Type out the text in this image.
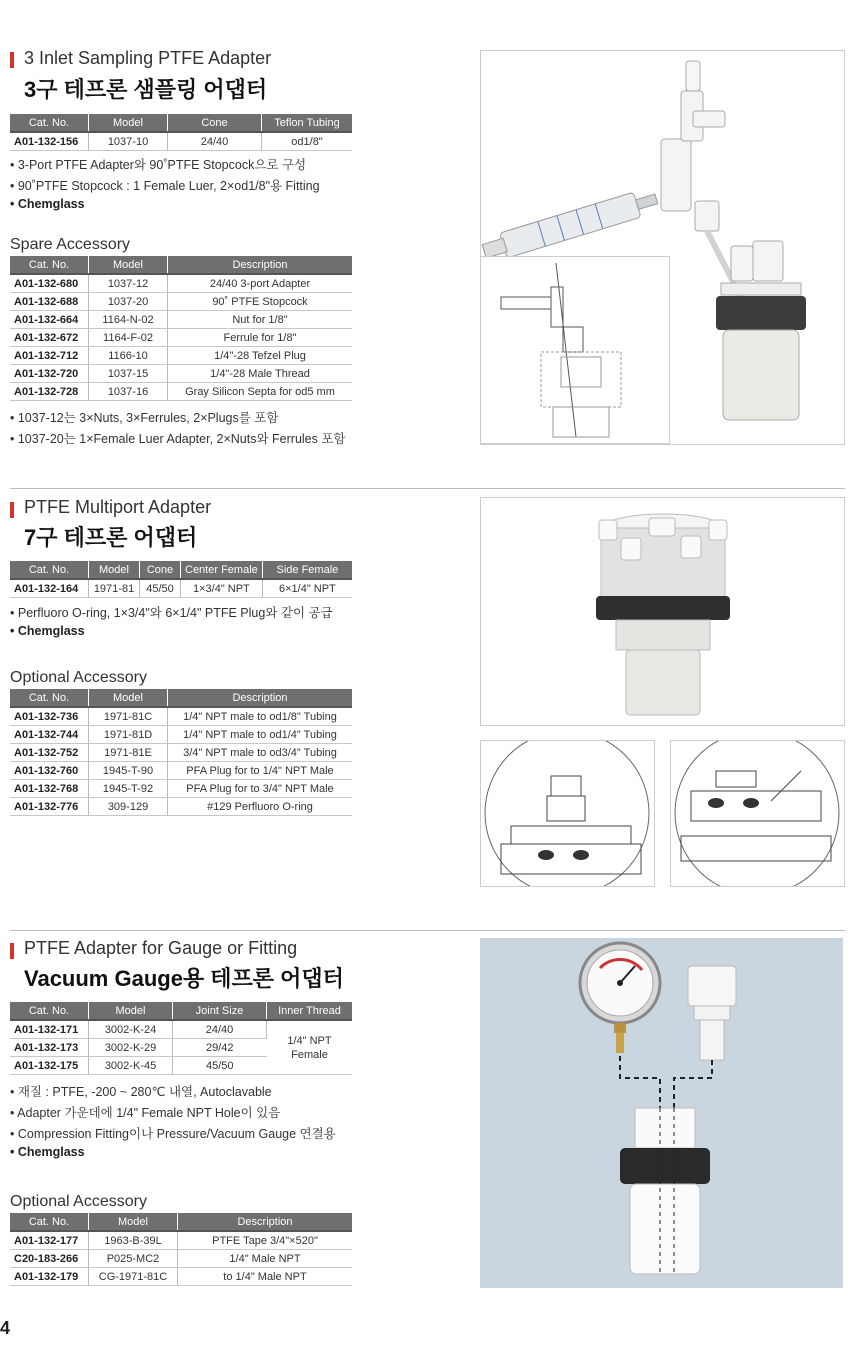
3 Inlet Sampling PTFE Adapter
3구 테프론 샘플링 어댑터
Cat. No.	Model	Cone	Teflon Tubing
A01-132-156	1037-10	24/40	od1/8"
• 3-Port PTFE Adapter와 90˚PTFE Stopcock으로 구성
• 90˚PTFE Stopcock : 1 Female Luer, 2×od1/8"용 Fitting
• Chemglass
Spare Accessory
Cat. No.	Model	Description
A01-132-680	1037-12	24/40 3-port Adapter
A01-132-688	1037-20	90˚ PTFE Stopcock
A01-132-664	1164-N-02	Nut for 1/8"
A01-132-672	1164-F-02	Ferrule for 1/8"
A01-132-712	1166-10	1/4"-28 Tefzel Plug
A01-132-720	1037-15	1/4"-28 Male Thread
A01-132-728	1037-16	Gray Silicon Septa for od5 mm
• 1037-12는 3×Nuts, 3×Ferrules, 2×Plugs를 포함
• 1037-20는 1×Female Luer Adapter, 2×Nuts와 Ferrules 포함
PTFE Multiport Adapter
7구 테프론 어댑터
Cat. No.	Model	Cone	Center Female	Side Female
A01-132-164	1971-81	45/50	1×3/4" NPT	6×1/4" NPT
• Perfluoro O-ring, 1×3/4"와 6×1/4" PTFE Plug와 같이 공급
• Chemglass
Optional Accessory
Cat. No.	Model	Description
A01-132-736	1971-81C	1/4" NPT male to od1/8" Tubing
A01-132-744	1971-81D	1/4" NPT male to od1/4" Tubing
A01-132-752	1971-81E	3/4" NPT male to od3/4" Tubing
A01-132-760	1945-T-90	PFA Plug for to 1/4" NPT Male
A01-132-768	1945-T-92	PFA Plug for to 3/4" NPT Male
A01-132-776	309-129	#129 Perfluoro O-ring
PTFE Adapter for Gauge or Fitting
Vacuum Gauge용 테프론 어댑터
Cat. No.	Model	Joint Size	Inner Thread
A01-132-171	3002-K-24	24/40	1/4" NPT Female
A01-132-173	3002-K-29	29/42	
A01-132-175	3002-K-45	45/50	
• 재질 : PTFE, -200 ~ 280℃ 내열, Autoclavable
• Adapter 가운데에 1/4" Female NPT Hole이 있음
• Compression Fitting이나 Pressure/Vacuum Gauge 연결용
• Chemglass
Optional Accessory
Cat. No.	Model	Description
A01-132-177	1963-B-39L	PTFE Tape 3/4"×520"
C20-183-266	P025-MC2	1/4" Male NPT
A01-132-179	CG-1971-81C	to 1/4" Male NPT
4
